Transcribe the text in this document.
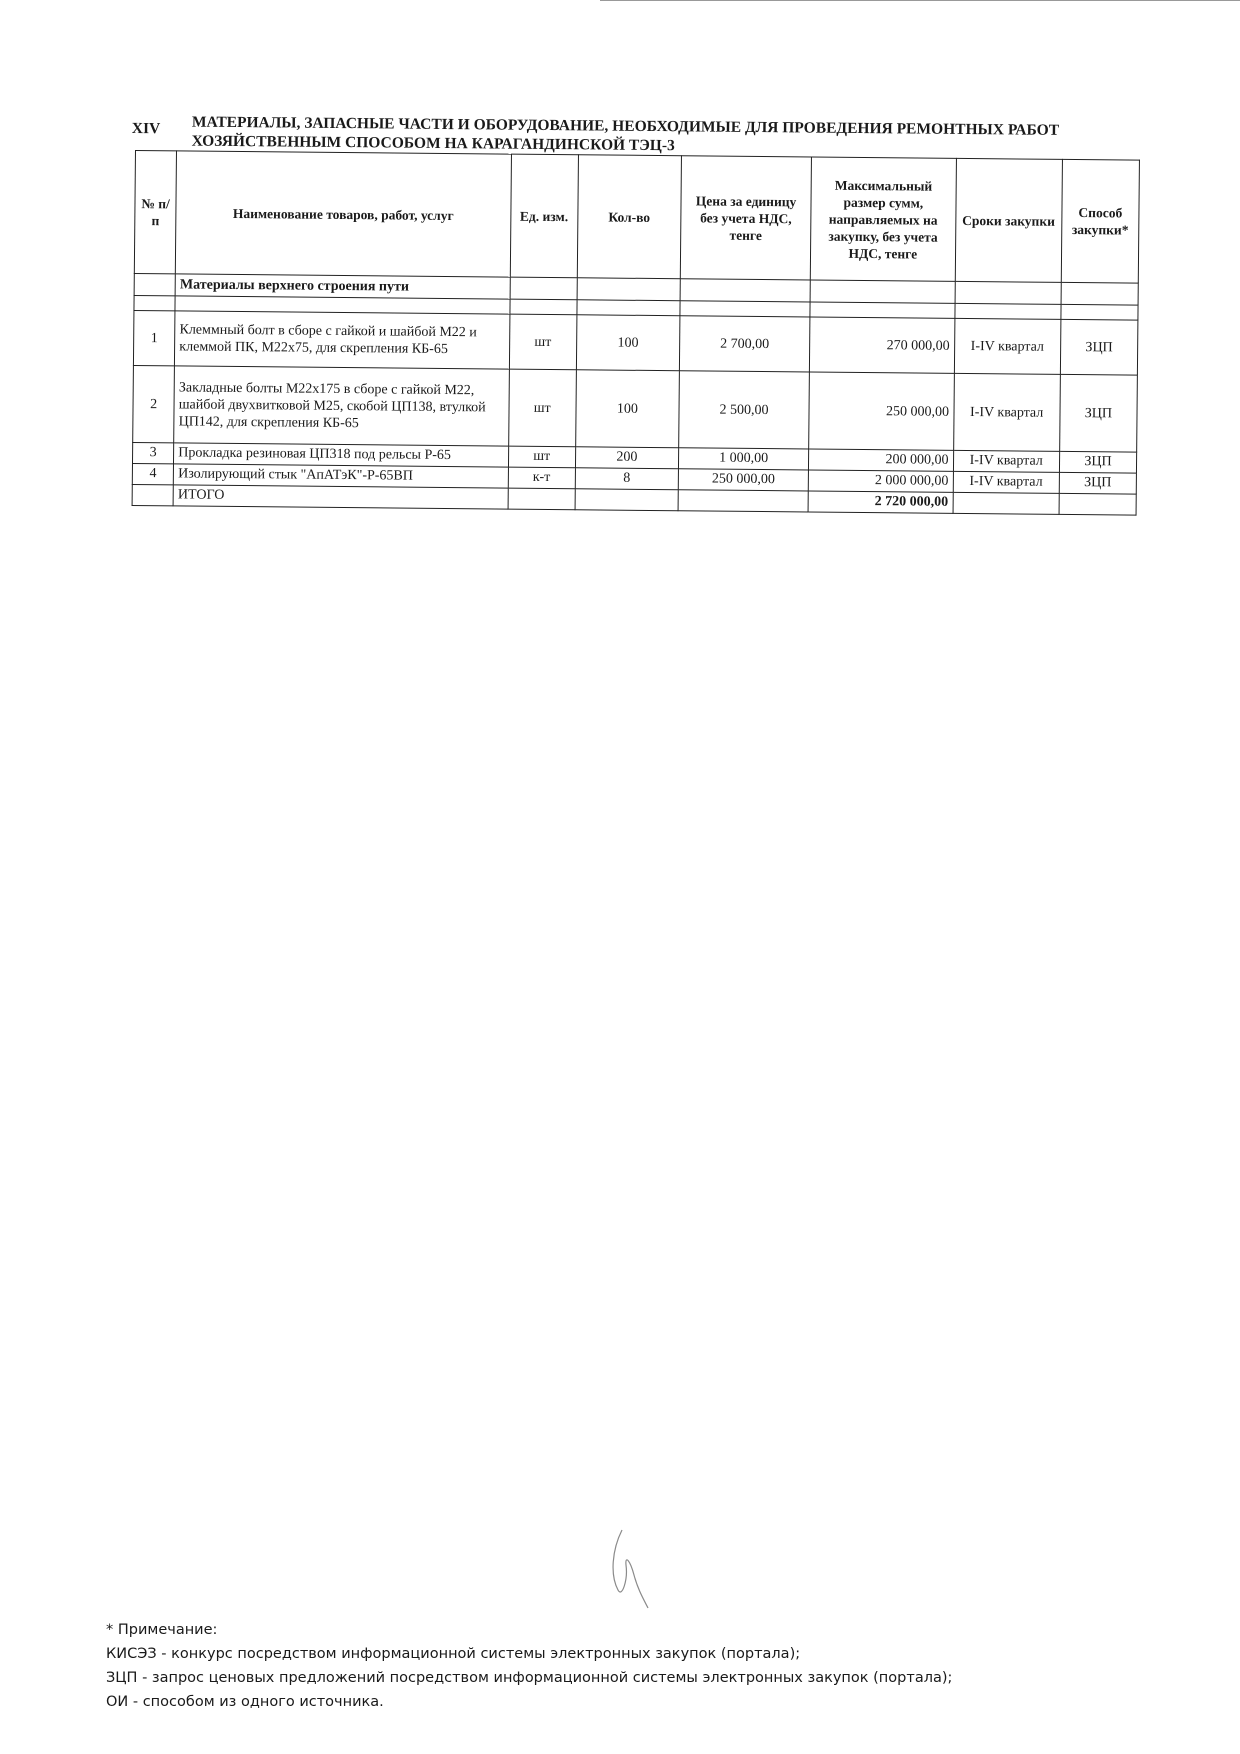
XIV МАТЕРИАЛЫ, ЗАПАСНЫЕ ЧАСТИ И ОБОРУДОВАНИЕ, НЕОБХОДИМЫЕ ДЛЯ ПРОВЕДЕНИЯ РЕМОНТНЫХ РАБОТ
ХОЗЯЙСТВЕННЫМ СПОСОБОМ НА КАРАГАНДИНСКОЙ ТЭЦ-3
№ п/п	Наименование товаров, работ, услуг	Ед. изм.	Кол-во	Цена за единицу без учета НДС, тенге	Максимальный размер сумм, направляемых на закупку, без учета НДС, тенге	Сроки закупки	Способ закупки*
	Материалы верхнего строения пути						

1	Клеммный болт в сборе с гайкой и шайбой М22 и клеммой ПК, М22х75, для скрепления КБ-65	шт	100	2 700,00	270 000,00	I-IV квартал	ЗЦП
2	Закладные болты М22х175 в сборе с гайкой М22, шайбой двухвитковой М25, скобой ЦП138, втулкой ЦП142, для скрепления КБ-65	шт	100	2 500,00	250 000,00	I-IV квартал	ЗЦП
3	Прокладка резиновая ЦП318 под рельсы Р-65	шт	200	1 000,00	200 000,00	I-IV квартал	ЗЦП
4	Изолирующий стык "АпАТэК"-Р-65ВП	к-т	8	250 000,00	2 000 000,00	I-IV квартал	ЗЦП
	ИТОГО				2 720 000,00		
* Примечание:
КИСЭЗ - конкурс посредством информационной системы электронных закупок (портала);
ЗЦП - запрос ценовых предложений посредством информационной системы электронных закупок (портала);
ОИ - способом из одного источника.
